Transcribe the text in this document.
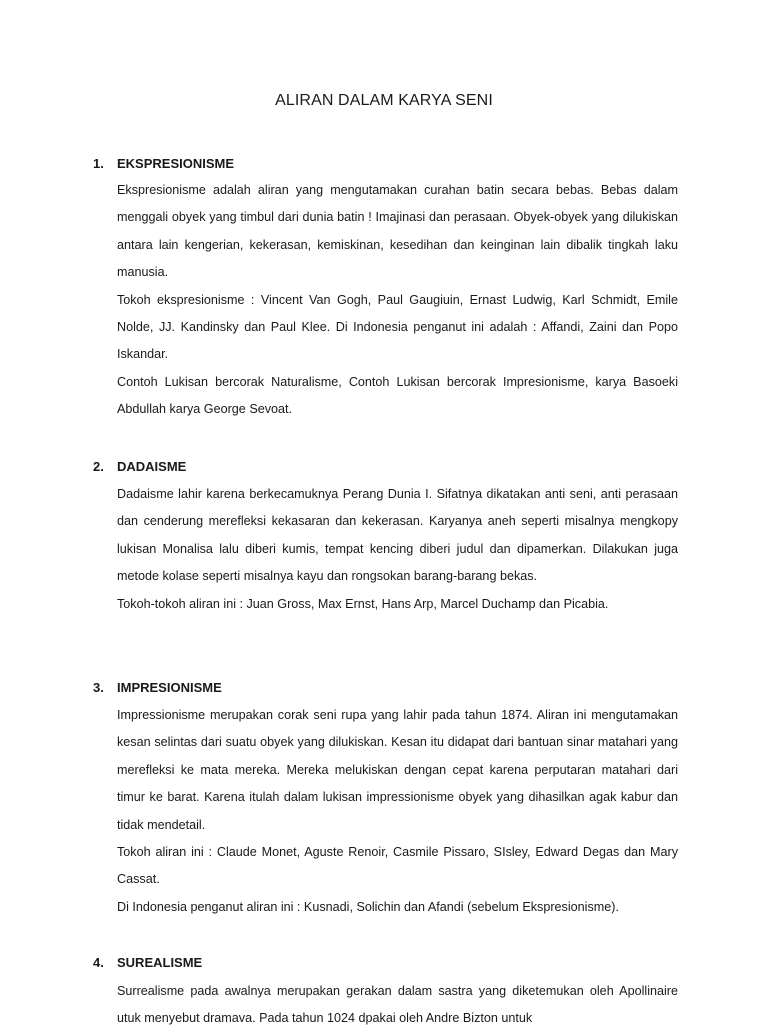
ALIRAN DALAM KARYA SENI
1. EKSPRESIONISME

Ekspresionisme adalah aliran yang mengutamakan curahan batin secara bebas. Bebas dalam menggali obyek yang timbul dari dunia batin ! Imajinasi dan perasaan. Obyek-obyek yang dilukiskan antara lain kengerian, kekerasan, kemiskinan, kesedihan dan keinginan lain dibalik tingkah laku manusia.

Tokoh ekspresionisme : Vincent Van Gogh, Paul Gaugiuin, Ernast Ludwig, Karl Schmidt, Emile Nolde, JJ. Kandinsky dan Paul Klee. Di Indonesia penganut ini adalah : Affandi, Zaini dan Popo Iskandar.

Contoh Lukisan bercorak Naturalisme, Contoh Lukisan bercorak Impresionisme, karya Basoeki Abdullah karya George Sevoat.

2. DADAISME

Dadaisme lahir karena berkecamuknya Perang Dunia I. Sifatnya dikatakan anti seni, anti perasaan dan cenderung merefleksi kekasaran dan kekerasan. Karyanya aneh seperti misalnya mengkopy lukisan Monalisa lalu diberi kumis, tempat kencing diberi judul dan dipamerkan. Dilakukan juga metode kolase seperti misalnya kayu dan rongsokan barang-barang bekas.

Tokoh-tokoh aliran ini : Juan Gross, Max Ernst, Hans Arp, Marcel Duchamp dan Picabia.

3. IMPRESIONISME

Impressionisme merupakan corak seni rupa yang lahir pada tahun 1874. Aliran ini mengutamakan kesan selintas dari suatu obyek yang dilukiskan. Kesan itu didapat dari bantuan sinar matahari yang merefleksi ke mata mereka. Mereka melukiskan dengan cepat karena perputaran matahari dari timur ke barat. Karena itulah dalam lukisan impressionisme obyek yang dihasilkan agak kabur dan tidak mendetail.

Tokoh aliran ini : Claude Monet, Aguste Renoir, Casmile Pissaro, SIsley, Edward Degas dan Mary Cassat.

Di Indonesia penganut aliran ini : Kusnadi, Solichin dan Afandi (sebelum Ekspresionisme).

4. SUREALISME

Surrealisme pada awalnya merupakan gerakan dalam sastra yang diketemukan oleh Apollinaire utuk menyebut dramava. Pada tahun 1024 dpakai oleh Andre Bizton untuk
